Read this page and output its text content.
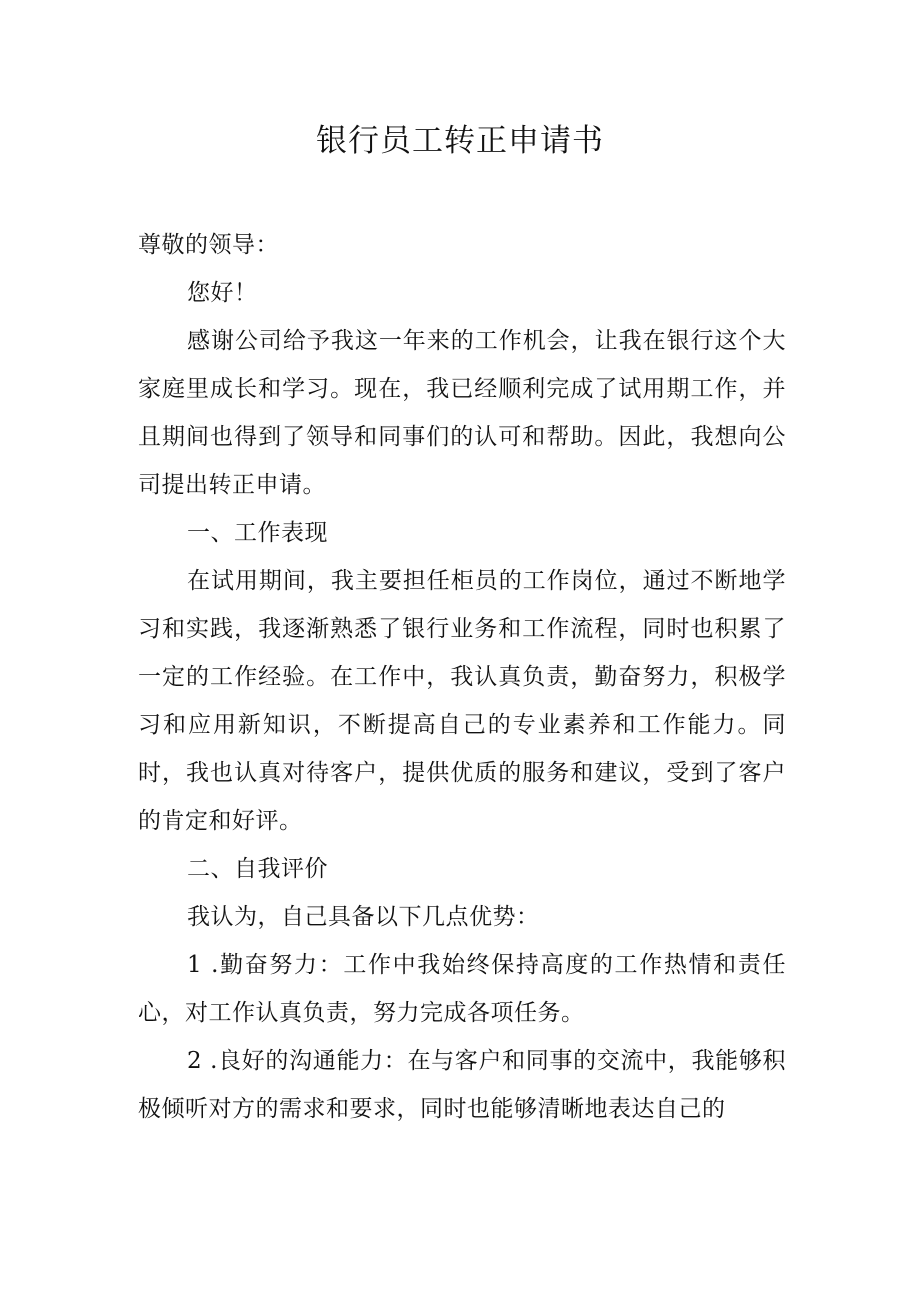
银行员工转正申请书

尊敬的领导：

您好！

感谢公司给予我这一年来的工作机会，让我在银行这个大家庭里成长和学习。现在，我已经顺利完成了试用期工作，并且期间也得到了领导和同事们的认可和帮助。因此，我想向公司提出转正申请。

一、工作表现

在试用期间，我主要担任柜员的工作岗位，通过不断地学习和实践，我逐渐熟悉了银行业务和工作流程，同时也积累了一定的工作经验。在工作中，我认真负责，勤奋努力，积极学习和应用新知识，不断提高自己的专业素养和工作能力。同时，我也认真对待客户，提供优质的服务和建议，受到了客户的肯定和好评。

二、自我评价

我认为，自己具备以下几点优势：

1 .勤奋努力：工作中我始终保持高度的工作热情和责任心，对工作认真负责，努力完成各项任务。

2 .良好的沟通能力：在与客户和同事的交流中，我能够积极倾听对方的需求和要求，同时也能够清晰地表达自己的
